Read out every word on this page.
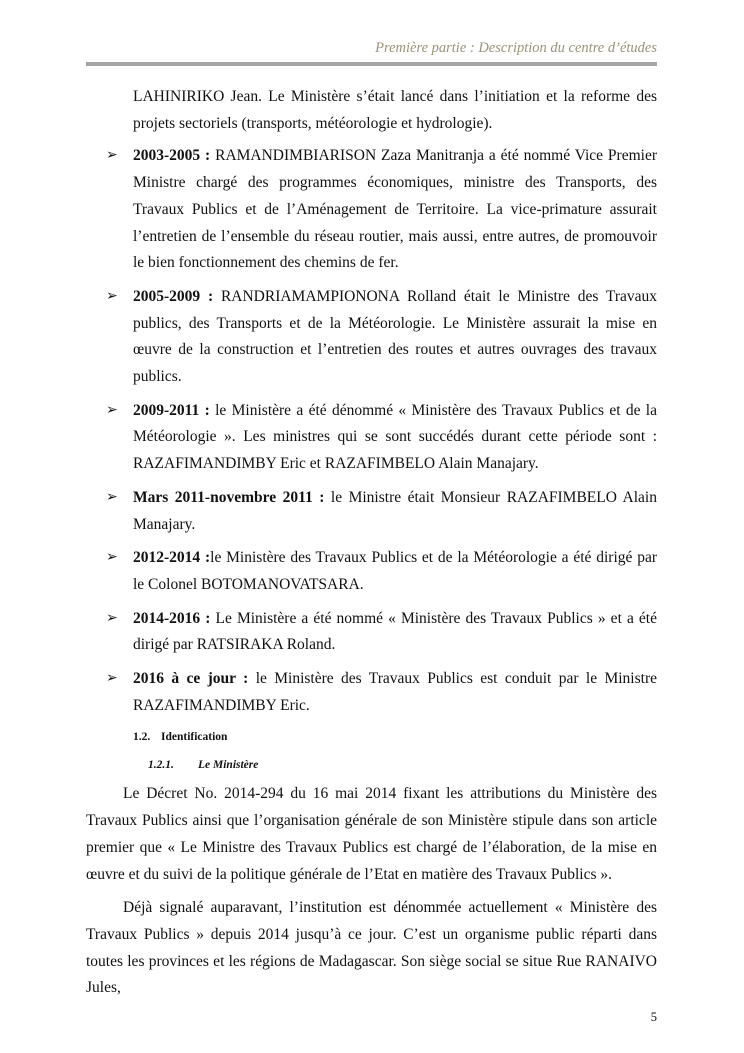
Première partie : Description du centre d’études

LAHINIRIKO Jean. Le Ministère s’était lancé dans l’initiation et la reforme des projets sectoriels (transports, météorologie et hydrologie).

➢ 2003-2005 : RAMANDIMBIARISON Zaza Manitranja a été nommé Vice Premier Ministre chargé des programmes économiques, ministre des Transports, des Travaux Publics et de l’Aménagement de Territoire. La vice-primature assurait l’entretien de l’ensemble du réseau routier, mais aussi, entre autres, de promouvoir le bien fonctionnement des chemins de fer.
➢ 2005-2009 : RANDRIAMAMPIONONA Rolland était le Ministre des Travaux publics, des Transports et de la Météorologie. Le Ministère assurait la mise en œuvre de la construction et l’entretien des routes et autres ouvrages des travaux publics.
➢ 2009-2011 : le Ministère a été dénommé « Ministère des Travaux Publics et de la Météorologie ». Les ministres qui se sont succédés durant cette période sont : RAZAFIMANDIMBY Eric et RAZAFIMBELO Alain Manajary.
➢ Mars 2011-novembre 2011 : le Ministre était Monsieur RAZAFIMBELO Alain Manajary.
➢ 2012-2014 :le Ministère des Travaux Publics et de la Météorologie a été dirigé par le Colonel BOTOMANOVATSARA.
➢ 2014-2016 : Le Ministère a été nommé « Ministère des Travaux Publics » et a été dirigé par RATSIRAKA Roland.
➢ 2016 à ce jour : le Ministère des Travaux Publics est conduit par le Ministre RAZAFIMANDIMBY Eric.
1.2. Identification
1.2.1. Le Ministère

Le Décret No. 2014-294 du 16 mai 2014 fixant les attributions du Ministère des Travaux Publics ainsi que l’organisation générale de son Ministère stipule dans son article premier que « Le Ministre des Travaux Publics est chargé de l’élaboration, de la mise en œuvre et du suivi de la politique générale de l’Etat en matière des Travaux Publics ».

Déjà signalé auparavant, l’institution est dénommée actuellement « Ministère des Travaux Publics » depuis 2014 jusqu’à ce jour. C’est un organisme public réparti dans toutes les provinces et les régions de Madagascar. Son siège social se situe Rue RANAIVO Jules,

5
